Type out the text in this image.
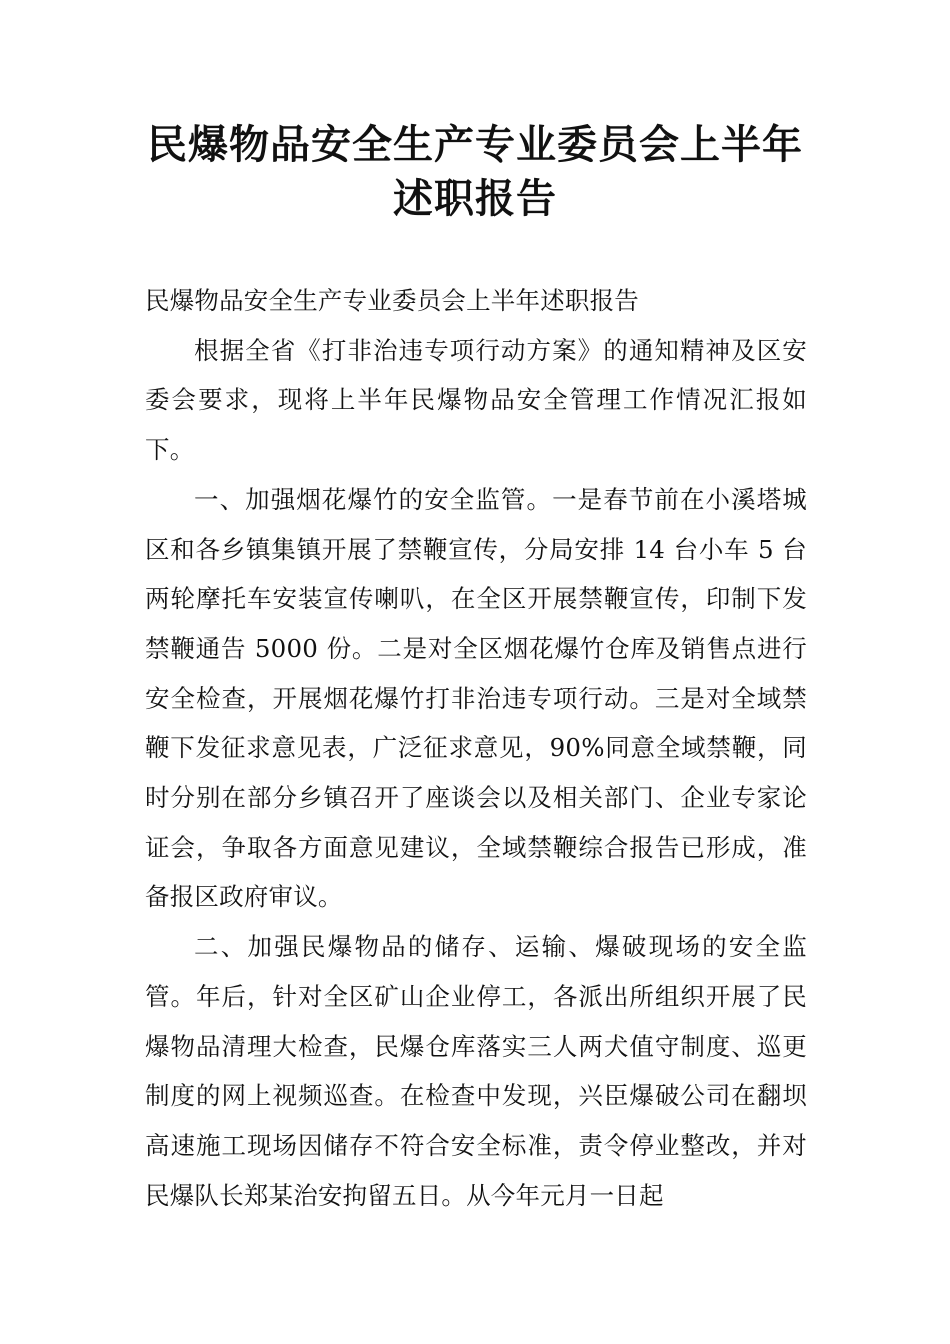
民爆物品安全生产专业委员会上半年述职报告

民爆物品安全生产专业委员会上半年述职报告

根据全省《打非治违专项行动方案》的通知精神及区安委会要求，现将上半年民爆物品安全管理工作情况汇报如下。

一、加强烟花爆竹的安全监管。一是春节前在小溪塔城区和各乡镇集镇开展了禁鞭宣传，分局安排 14 台小车 5 台两轮摩托车安装宣传喇叭，在全区开展禁鞭宣传，印制下发禁鞭通告 5000 份。二是对全区烟花爆竹仓库及销售点进行安全检查，开展烟花爆竹打非治违专项行动。三是对全域禁鞭下发征求意见表，广泛征求意见，90%同意全域禁鞭，同时分别在部分乡镇召开了座谈会以及相关部门、企业专家论证会，争取各方面意见建议，全域禁鞭综合报告已形成，准备报区政府审议。

二、加强民爆物品的储存、运输、爆破现场的安全监管。年后，针对全区矿山企业停工，各派出所组织开展了民爆物品清理大检查，民爆仓库落实三人两犬值守制度、巡更制度的网上视频巡查。在检查中发现，兴臣爆破公司在翻坝高速施工现场因储存不符合安全标准，责令停业整改，并对民爆队长郑某治安拘留五日。从今年元月一日起
